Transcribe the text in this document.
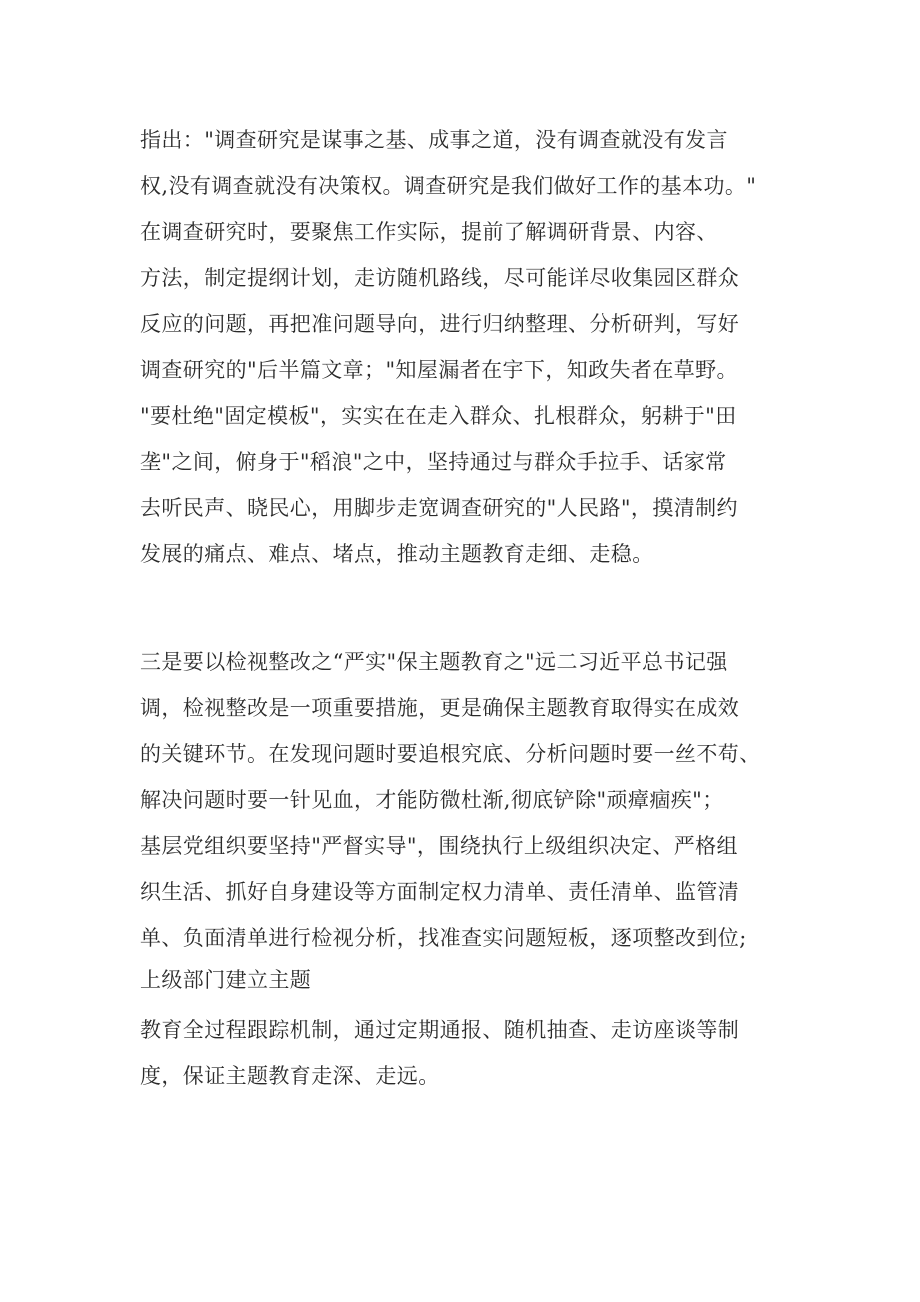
指出："调查研究是谋事之基、成事之道，没有调查就没有发言
权,没有调查就没有决策权。调查研究是我们做好工作的基本功。"
在调查研究时，要聚焦工作实际，提前了解调研背景、内容、
方法，制定提纲计划，走访随机路线，尽可能详尽收集园区群众
反应的问题，再把准问题导向，进行归纳整理、分析研判，写好
调查研究的"后半篇文章；"知屋漏者在宇下，知政失者在草野。
"要杜绝"固定模板"，实实在在走入群众、扎根群众，躬耕于"田
垄"之间，俯身于"稻浪"之中，坚持通过与群众手拉手、话家常
去听民声、晓民心，用脚步走宽调查研究的"人民路"，摸清制约
发展的痛点、难点、堵点，推动主题教育走细、走稳。
三是要以检视整改之“严实"保主题教育之"远二习近平总书记强
调，检视整改是一项重要措施，更是确保主题教育取得实在成效
的关键环节。在发现问题时要追根究底、分析问题时要一丝不苟、
解决问题时要一针见血，才能防微杜渐,彻底铲除"顽瘴痼疾"；
基层党组织要坚持"严督实导"，围绕执行上级组织决定、严格组
织生活、抓好自身建设等方面制定权力清单、责任清单、监管清
单、负面清单进行检视分析，找准查实问题短板，逐项整改到位;
上级部门建立主题
教育全过程跟踪机制，通过定期通报、随机抽查、走访座谈等制
度，保证主题教育走深、走远。
